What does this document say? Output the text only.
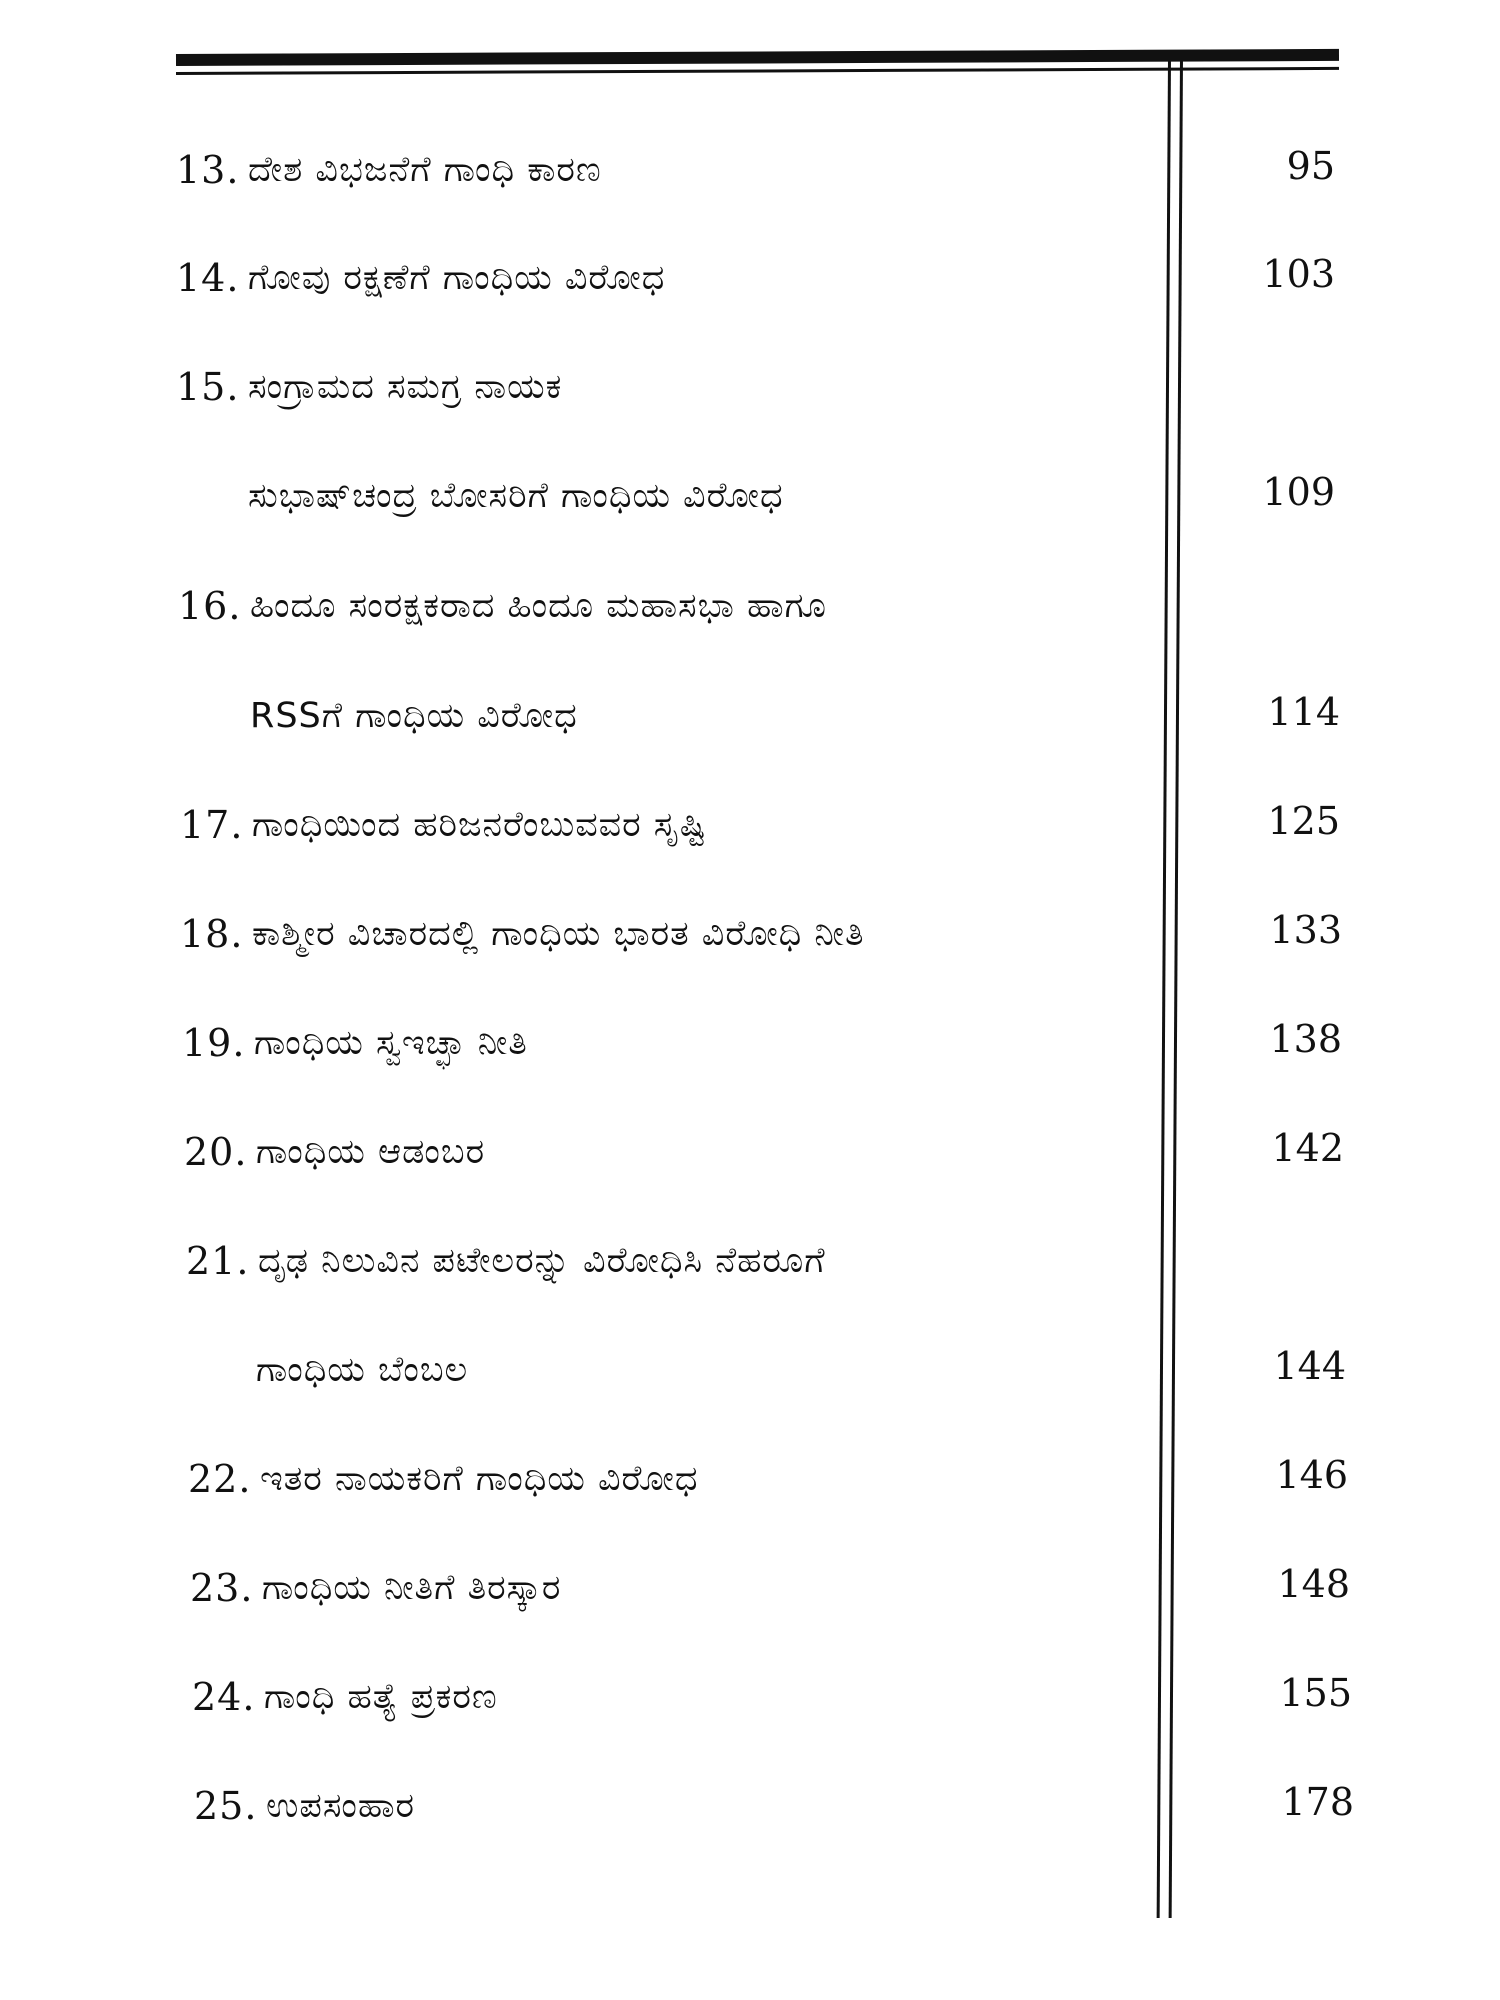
13. ದೇಶ ವಿಭಜನೆಗೆ ಗಾಂಧಿ ಕಾರಣ	95
14. ಗೋವು ರಕ್ಷಣೆಗೆ ಗಾಂಧಿಯ ವಿರೋಧ	103
15. ಸಂಗ್ರಾಮದ ಸಮಗ್ರ ನಾಯಕ
ಸುಭಾಷ್‌ಚಂದ್ರ ಬೋಸರಿಗೆ ಗಾಂಧಿಯ ವಿರೋಧ	109
16. ಹಿಂದೂ ಸಂರಕ್ಷಕರಾದ ಹಿಂದೂ ಮಹಾಸಭಾ ಹಾಗೂ
RSSಗೆ ಗಾಂಧಿಯ ವಿರೋಧ	114
17. ಗಾಂಧಿಯಿಂದ ಹರಿಜನರೆಂಬುವವರ ಸೃಷ್ಟಿ	125
18. ಕಾಶ್ಮೀರ ವಿಚಾರದಲ್ಲಿ ಗಾಂಧಿಯ ಭಾರತ ವಿರೋಧಿ ನೀತಿ	133
19. ಗಾಂಧಿಯ ಸ್ವಇಚ್ಛಾ ನೀತಿ	138
20. ಗಾಂಧಿಯ ಆಡಂಬರ	142
21. ದೃಢ ನಿಲುವಿನ ಪಟೇಲರನ್ನು ವಿರೋಧಿಸಿ ನೆಹರೂಗೆ
ಗಾಂಧಿಯ ಬೆಂಬಲ	144
22. ಇತರ ನಾಯಕರಿಗೆ ಗಾಂಧಿಯ ವಿರೋಧ	146
23. ಗಾಂಧಿಯ ನೀತಿಗೆ ತಿರಸ್ಕಾರ	148
24. ಗಾಂಧಿ ಹತ್ಯೆ ಪ್ರಕರಣ	155
25. ಉಪಸಂಹಾರ	178
